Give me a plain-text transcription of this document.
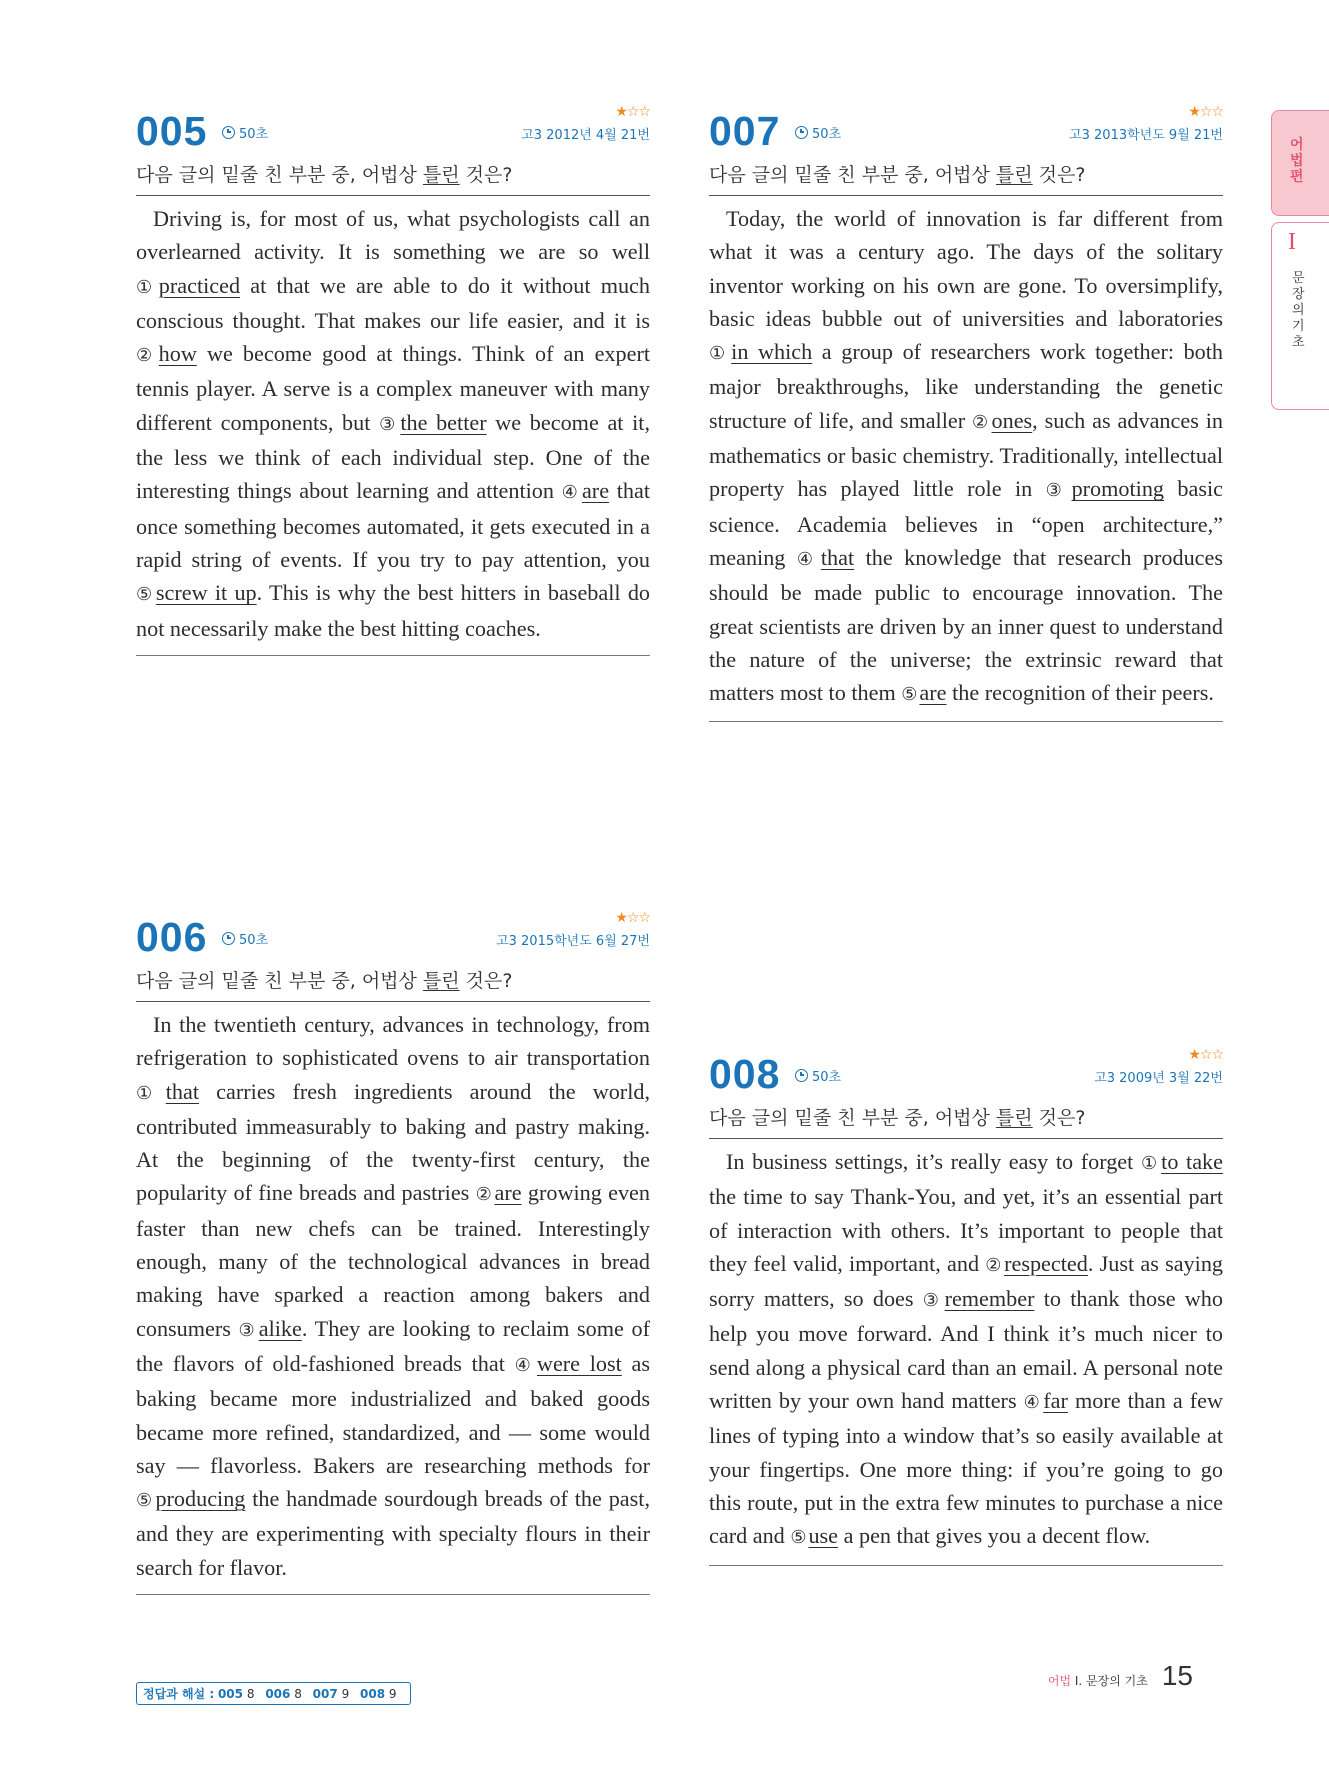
어법편
I
문장의 기초
005 50초
★☆☆
고3 2012년 4월 21번
다음 글의 밑줄 친 부분 중, 어법상 틀린 것은?

Driving is, for most of us, what psychologists call an overlearned activity. It is something we are so well ①practiced at that we are able to do it without much conscious thought. That makes our life easier, and it is ②how we become good at things. Think of an expert tennis player. A serve is a complex maneuver with many different components, but ③the better we become at it, the less we think of each individual step. One of the interesting things about learning and attention ④are that once something becomes automated, it gets executed in a rapid string of events. If you try to pay attention, you ⑤screw it up. This is why the best hitters in baseball do not necessarily make the best hitting coaches.

006 50초
★☆☆
고3 2015학년도 6월 27번
다음 글의 밑줄 친 부분 중, 어법상 틀린 것은?

In the twentieth century, advances in technology, from refrigeration to sophisticated ovens to air transportation ①that carries fresh ingredients around the world, contributed immeasurably to baking and pastry making. At the beginning of the twenty-first century, the popularity of fine breads and pastries ②are growing even faster than new chefs can be trained. Interestingly enough, many of the technological advances in bread making have sparked a reaction among bakers and consumers ③alike. They are looking to reclaim some of the flavors of old-fashioned breads that ④were lost as baking became more industrialized and baked goods became more refined, standardized, and — some would say — flavorless. Bakers are researching methods for ⑤producing the handmade sourdough breads of the past, and they are experimenting with specialty flours in their search for flavor.

007 50초
★☆☆
고3 2013학년도 9월 21번
다음 글의 밑줄 친 부분 중, 어법상 틀린 것은?

Today, the world of innovation is far different from what it was a century ago. The days of the solitary inventor working on his own are gone. To oversimplify, basic ideas bubble out of universities and laboratories ①in which a group of researchers work together: both major breakthroughs, like understanding the genetic structure of life, and smaller ②ones, such as advances in mathematics or basic chemistry. Traditionally, intellectual property has played little role in ③promoting basic science. Academia believes in “open architecture,” meaning ④that the knowledge that research produces should be made public to encourage innovation. The great scientists are driven by an inner quest to understand the nature of the universe; the extrinsic reward that matters most to them ⑤are the recognition of their peers.

008 50초
★☆☆
고3 2009년 3월 22번
다음 글의 밑줄 친 부분 중, 어법상 틀린 것은?

In business settings, it’s really easy to forget ①to take the time to say Thank-You, and yet, it’s an essential part of interaction with others. It’s important to people that they feel valid, important, and ②respected. Just as saying sorry matters, so does ③remember to thank those who help you move forward. And I think it’s much nicer to send along a physical card than an email. A personal note written by your own hand matters ④far more than a few lines of typing into a window that’s so easily available at your fingertips. One more thing: if you’re going to go this route, put in the extra few minutes to purchase a nice card and ⑤use a pen that gives you a decent flow.

정답과 해설 : 005 8 006 8 007 9 008 9
어법 Ⅰ. 문장의 기초 15
